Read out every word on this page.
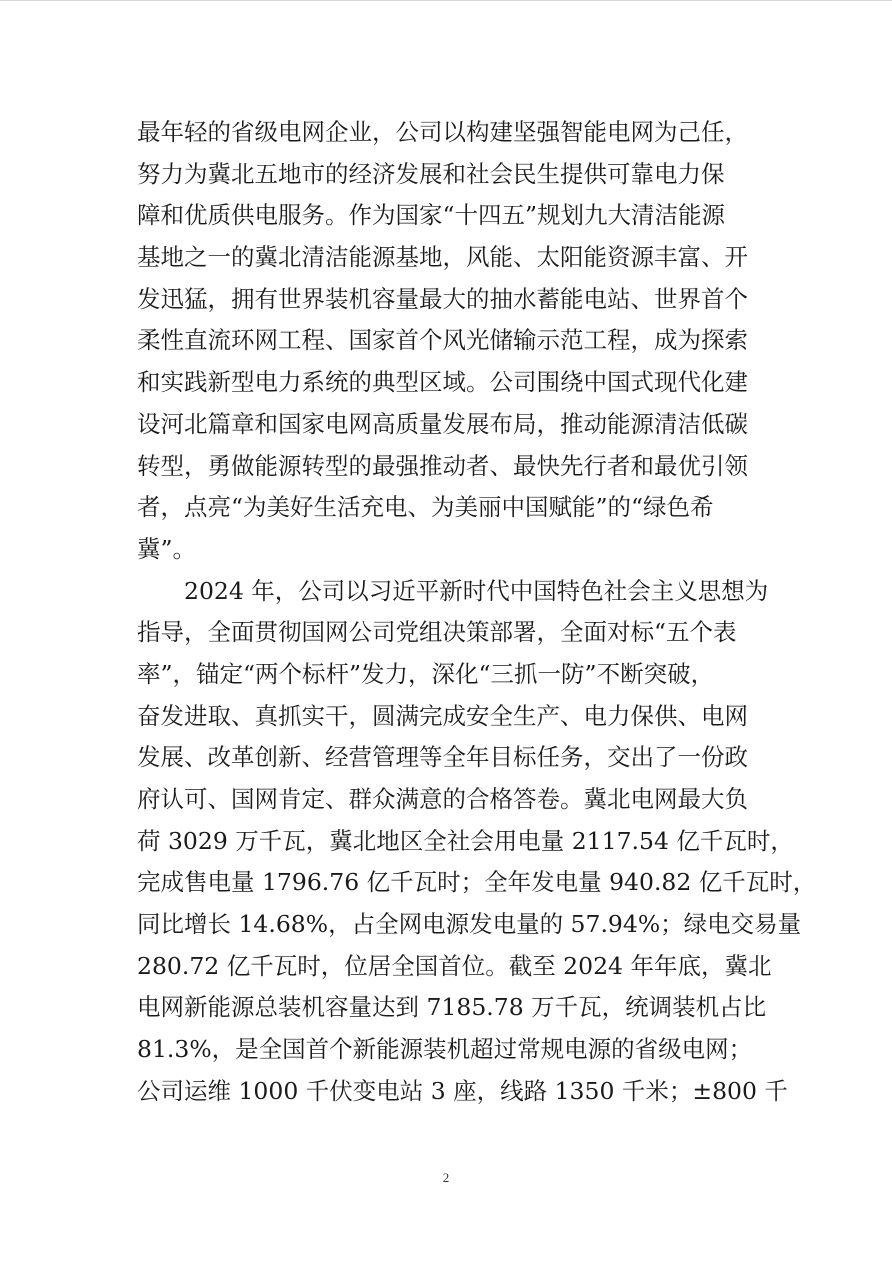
最年轻的省级电网企业，公司以构建坚强智能电网为己任，
努力为冀北五地市的经济发展和社会民生提供可靠电力保
障和优质供电服务。作为国家“十四五”规划九大清洁能源
基地之一的冀北清洁能源基地，风能、太阳能资源丰富、开
发迅猛，拥有世界装机容量最大的抽水蓄能电站、世界首个
柔性直流环网工程、国家首个风光储输示范工程，成为探索
和实践新型电力系统的典型区域。公司围绕中国式现代化建
设河北篇章和国家电网高质量发展布局，推动能源清洁低碳
转型，勇做能源转型的最强推动者、最快先行者和最优引领
者，点亮“为美好生活充电、为美丽中国赋能”的“绿色希
冀”。
2024 年，公司以习近平新时代中国特色社会主义思想为
指导，全面贯彻国网公司党组决策部署，全面对标“五个表
率”，锚定“两个标杆”发力，深化“三抓一防”不断突破，
奋发进取、真抓实干，圆满完成安全生产、电力保供、电网
发展、改革创新、经营管理等全年目标任务，交出了一份政
府认可、国网肯定、群众满意的合格答卷。冀北电网最大负
荷 3029 万千瓦，冀北地区全社会用电量 2117.54 亿千瓦时，
完成售电量 1796.76 亿千瓦时；全年发电量 940.82 亿千瓦时，
同比增长 14.68%，占全网电源发电量的 57.94%；绿电交易量
280.72 亿千瓦时，位居全国首位。截至 2024 年年底，冀北
电网新能源总装机容量达到 7185.78 万千瓦，统调装机占比
81.3%，是全国首个新能源装机超过常规电源的省级电网；
公司运维 1000 千伏变电站 3 座，线路 1350 千米；±800 千
2
